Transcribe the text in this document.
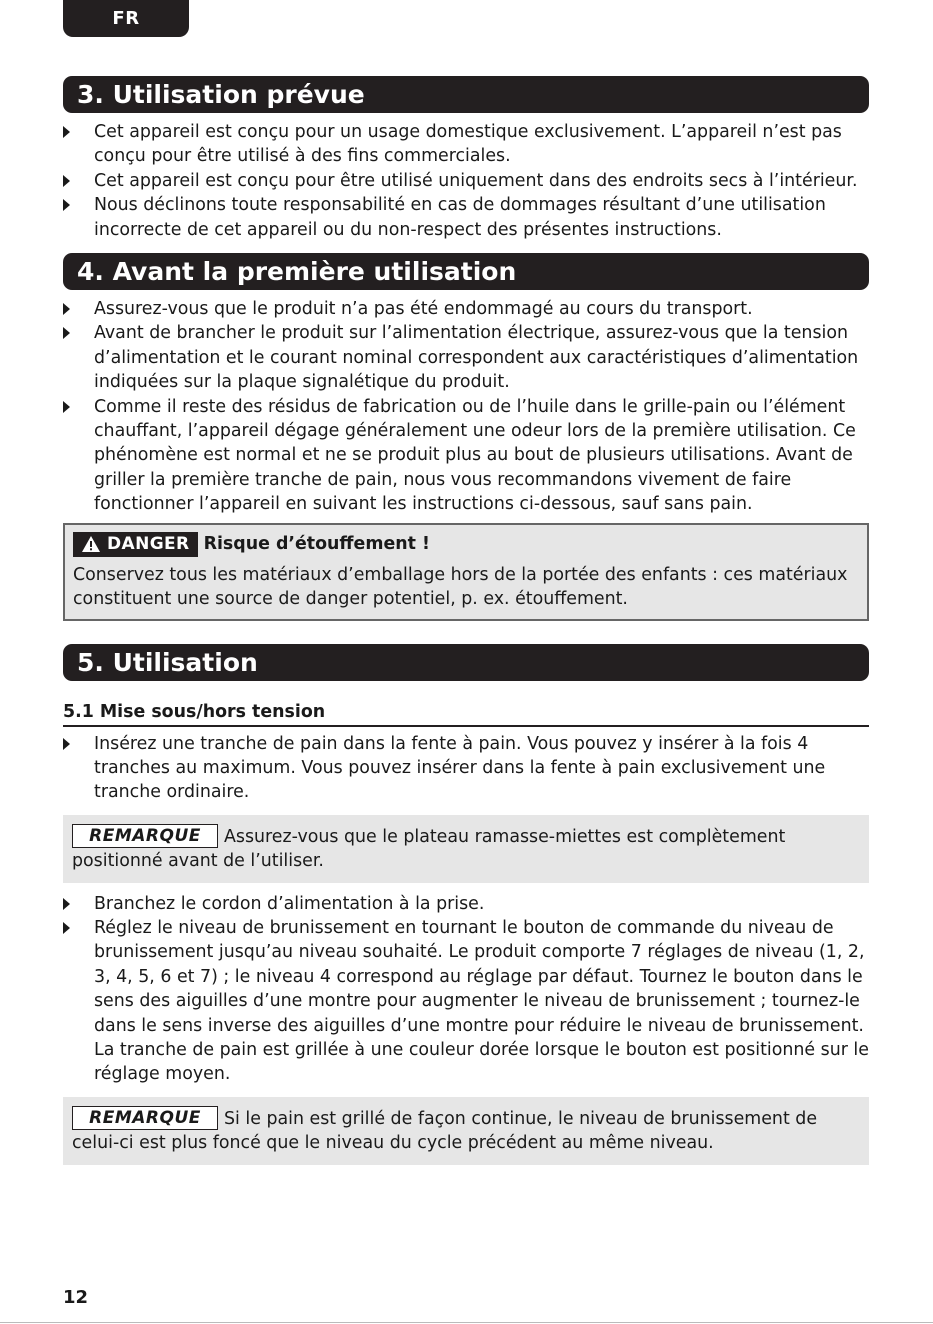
FR
3. Utilisation prévue
Cet appareil est conçu pour un usage domestique exclusivement. L’appareil n’est pas conçu pour être utilisé à des fins commerciales.
Cet appareil est conçu pour être utilisé uniquement dans des endroits secs à l’intérieur.
Nous déclinons toute responsabilité en cas de dommages résultant d’une utilisation incorrecte de cet appareil ou du non-respect des présentes instructions.
4. Avant la première utilisation
Assurez-vous que le produit n’a pas été endommagé au cours du transport.
Avant de brancher le produit sur l’alimentation électrique, assurez-vous que la tension d’alimentation et le courant nominal correspondent aux caractéristiques d’alimentation indiquées sur la plaque signalétique du produit.
Comme il reste des résidus de fabrication ou de l’huile dans le grille-pain ou l’élément chauffant, l’appareil dégage généralement une odeur lors de la première utilisation. Ce phénomène est normal et ne se produit plus au bout de plusieurs utilisations. Avant de griller la première tranche de pain, nous vous recommandons vivement de faire fonctionner l’appareil en suivant les instructions ci-dessous, sauf sans pain.
DANGER Risque d’étouffement !
Conservez tous les matériaux d’emballage hors de la portée des enfants : ces matériaux constituent une source de danger potentiel, p. ex. étouffement.
5. Utilisation
5.1 Mise sous/hors tension
Insérez une tranche de pain dans la fente à pain. Vous pouvez y insérer à la fois 4 tranches au maximum. Vous pouvez insérer dans la fente à pain exclusivement une tranche ordinaire.
REMARQUE Assurez-vous que le plateau ramasse-miettes est complètement positionné avant de l’utiliser.
Branchez le cordon d’alimentation à la prise.
Réglez le niveau de brunissement en tournant le bouton de commande du niveau de brunissement jusqu’au niveau souhaité. Le produit comporte 7 réglages de niveau (1, 2, 3, 4, 5, 6 et 7) ; le niveau 4 correspond au réglage par défaut. Tournez le bouton dans le sens des aiguilles d’une montre pour augmenter le niveau de brunissement ; tournez-le dans le sens inverse des aiguilles d’une montre pour réduire le niveau de brunissement. La tranche de pain est grillée à une couleur dorée lorsque le bouton est positionné sur le réglage moyen.
REMARQUE Si le pain est grillé de façon continue, le niveau de brunissement de celui-ci est plus foncé que le niveau du cycle précédent au même niveau.
12
